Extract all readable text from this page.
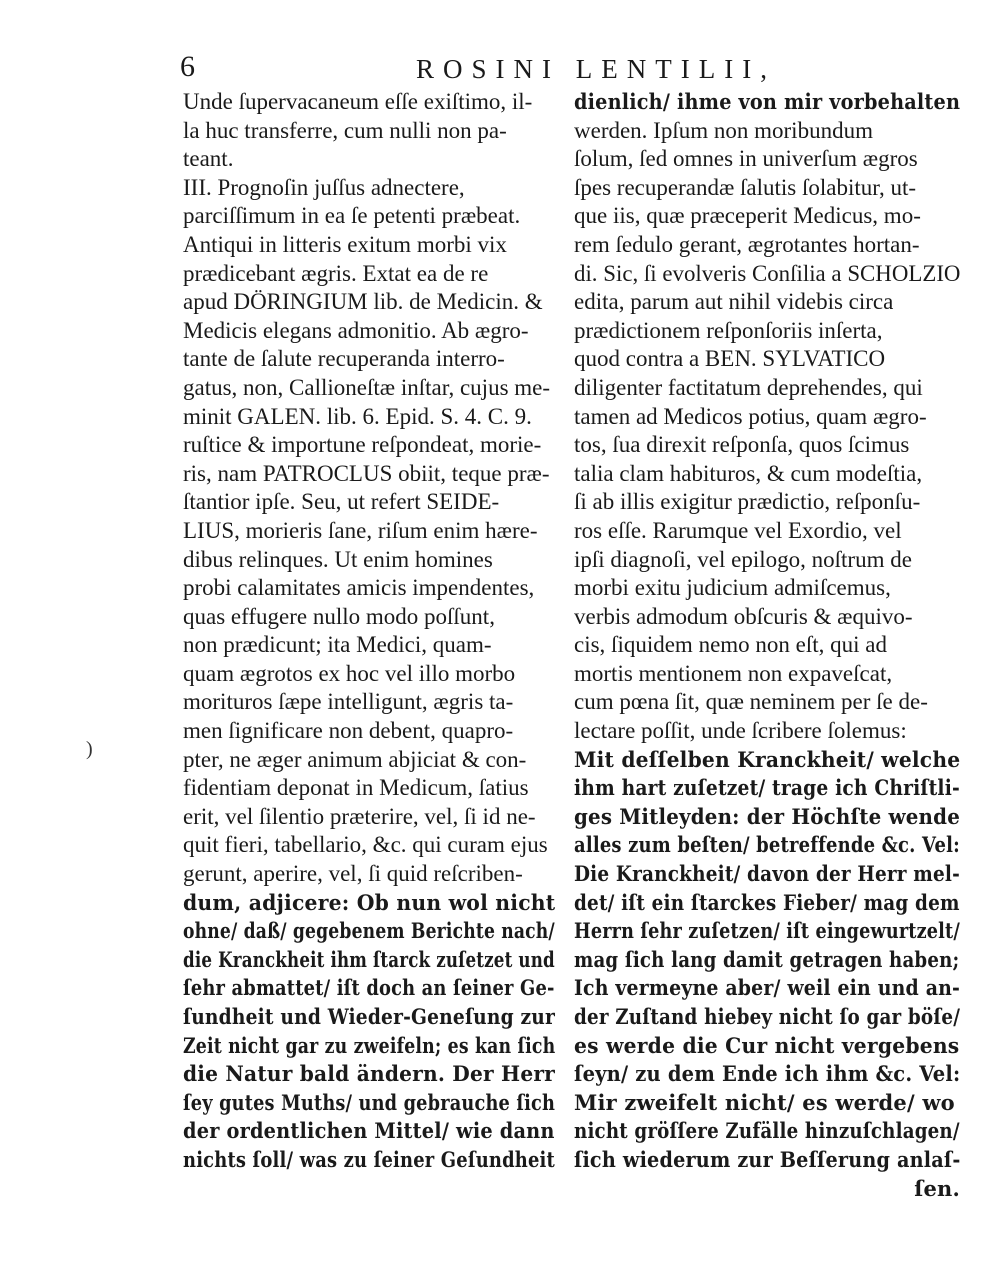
6	ROSINI LENTILII,
)
Unde ſupervacaneum eſſe exiſtimo, il-
la huc transferre, cum nulli non pa-
teant.
III. Prognoſin juſſus adnectere,
parciſſimum in ea ſe petenti præbeat.
Antiqui in litteris exitum morbi vix
prædicebant ægris. Extat ea de re
apud DÖRINGIUM lib. de Medicin. &
Medicis elegans admonitio. Ab ægro-
tante de ſalute recuperanda interro-
gatus, non, Callioneſtæ inſtar, cujus me-
minit GALEN. lib. 6. Epid. S. 4. C. 9.
ruſtice & importune reſpondeat, morie-
ris, nam PATROCLUS obiit, teque præ-
ſtantior ipſe. Seu, ut refert SEIDE-
LIUS, morieris ſane, riſum enim hære-
dibus relinques. Ut enim homines
probi calamitates amicis impendentes,
quas effugere nullo modo poſſunt,
non prædicunt; ita Medici, quam-
quam ægrotos ex hoc vel illo morbo
morituros ſæpe intelligunt, ægris ta-
men ſignificare non debent, quapro-
pter, ne æger animum abjiciat & con-
fidentiam deponat in Medicum, ſatius
erit, vel ſilentio præterire, vel, ſi id ne-
quit fieri, tabellario, &c. qui curam ejus
gerunt, aperire, vel, ſi quid reſcriben-
dum, adjicere: Ob nun wol nicht
ohne/ daß/ gegebenem Berichte nach/
die Kranckheit ihm ſtarck zuſetzet und
ſehr abmattet/ iſt doch an ſeiner Ge-
ſundheit und Wieder-Geneſung zur
Zeit nicht gar zu zweifeln; es kan ſich
die Natur bald ändern. Der Herr
ſey gutes Muths/ und gebrauche ſich
der ordentlichen Mittel/ wie dann
nichts ſoll/ was zu ſeiner Geſundheit
dienlich/ ihme von mir vorbehalten
werden. Ipſum non moribundum
ſolum, ſed omnes in univerſum ægros
ſpes recuperandæ ſalutis ſolabitur, ut-
que iis, quæ præceperit Medicus, mo-
rem ſedulo gerant, ægrotantes hortan-
di. Sic, ſi evolveris Conſilia a SCHOLZIO
edita, parum aut nihil videbis circa
prædictionem reſponſoriis inſerta,
quod contra a BEN. SYLVATICO
diligenter factitatum deprehendes, qui
tamen ad Medicos potius, quam ægro-
tos, ſua direxit reſponſa, quos ſcimus
talia clam habituros, & cum modeſtia,
ſi ab illis exigitur prædictio, reſponſu-
ros eſſe. Rarumque vel Exordio, vel
ipſi diagnoſi, vel epilogo, noſtrum de
morbi exitu judicium admiſcemus,
verbis admodum obſcuris & æquivo-
cis, ſiquidem nemo non eſt, qui ad
mortis mentionem non expaveſcat,
cum pœna ſit, quæ neminem per ſe de-
lectare poſſit, unde ſcribere ſolemus:
Mit deſſelben Kranckheit/ welche
ihm hart zuſetzet/ trage ich Chriſtli-
ges Mitleyden: der Höchſte wende
alles zum beſten/ betreffende &c. Vel:
Die Kranckheit/ davon der Herr mel-
det/ iſt ein ſtarckes Fieber/ mag dem
Herrn ſehr zuſetzen/ iſt eingewurtzelt/
mag ſich lang damit getragen haben;
Ich vermeyne aber/ weil ein und an-
der Zuſtand hiebey nicht ſo gar böſe/
es werde die Cur nicht vergebens
ſeyn/ zu dem Ende ich ihm &c. Vel:
Mir zweifelt nicht/ es werde/ wo
nicht gröſſere Zufälle hinzuſchlagen/
ſich wiederum zur Beſſerung anlaſ-
ſen.
